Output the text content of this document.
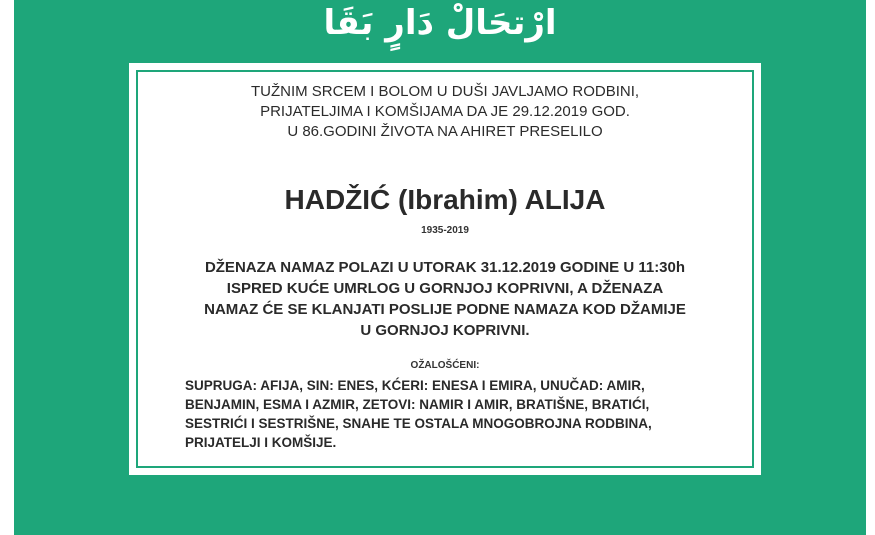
ارْتحَالْ دَارٍ بَقَا
TUŽNIM SRCEM I BOLOM U DUŠI JAVLJAMO RODBINI,
PRIJATELJIMA I KOMŠIJAMA DA JE 29.12.2019 GOD.
U 86.GODINI ŽIVOTA NA AHIRET PRESELILO
HADŽIĆ (Ibrahim) ALIJA
1935-2019
DŽENAZA NAMAZ POLAZI U UTORAK 31.12.2019 GODINE U 11:30h
ISPRED KUĆE UMRLOG U GORNJOJ KOPRIVNI, A DŽENAZA
NAMAZ ĆE SE KLANJATI POSLIJE PODNE NAMAZA KOD DŽAMIJE
U GORNJOJ KOPRIVNI.
OŽALOŠĆENI:
SUPRUGA: AFIJA, SIN: ENES, KĆERI: ENESA I EMIRA, UNUČAD: AMIR,
BENJAMIN, ESMA I AZMIR, ZETOVI: NAMIR I AMIR, BRATIŠNE, BRATIĆI,
SESTRIĆI I SESTRIŠNE, SNAHE TE OSTALA MNOGOBROJNA RODBINA,
PRIJATELJI I KOMŠIJE.
